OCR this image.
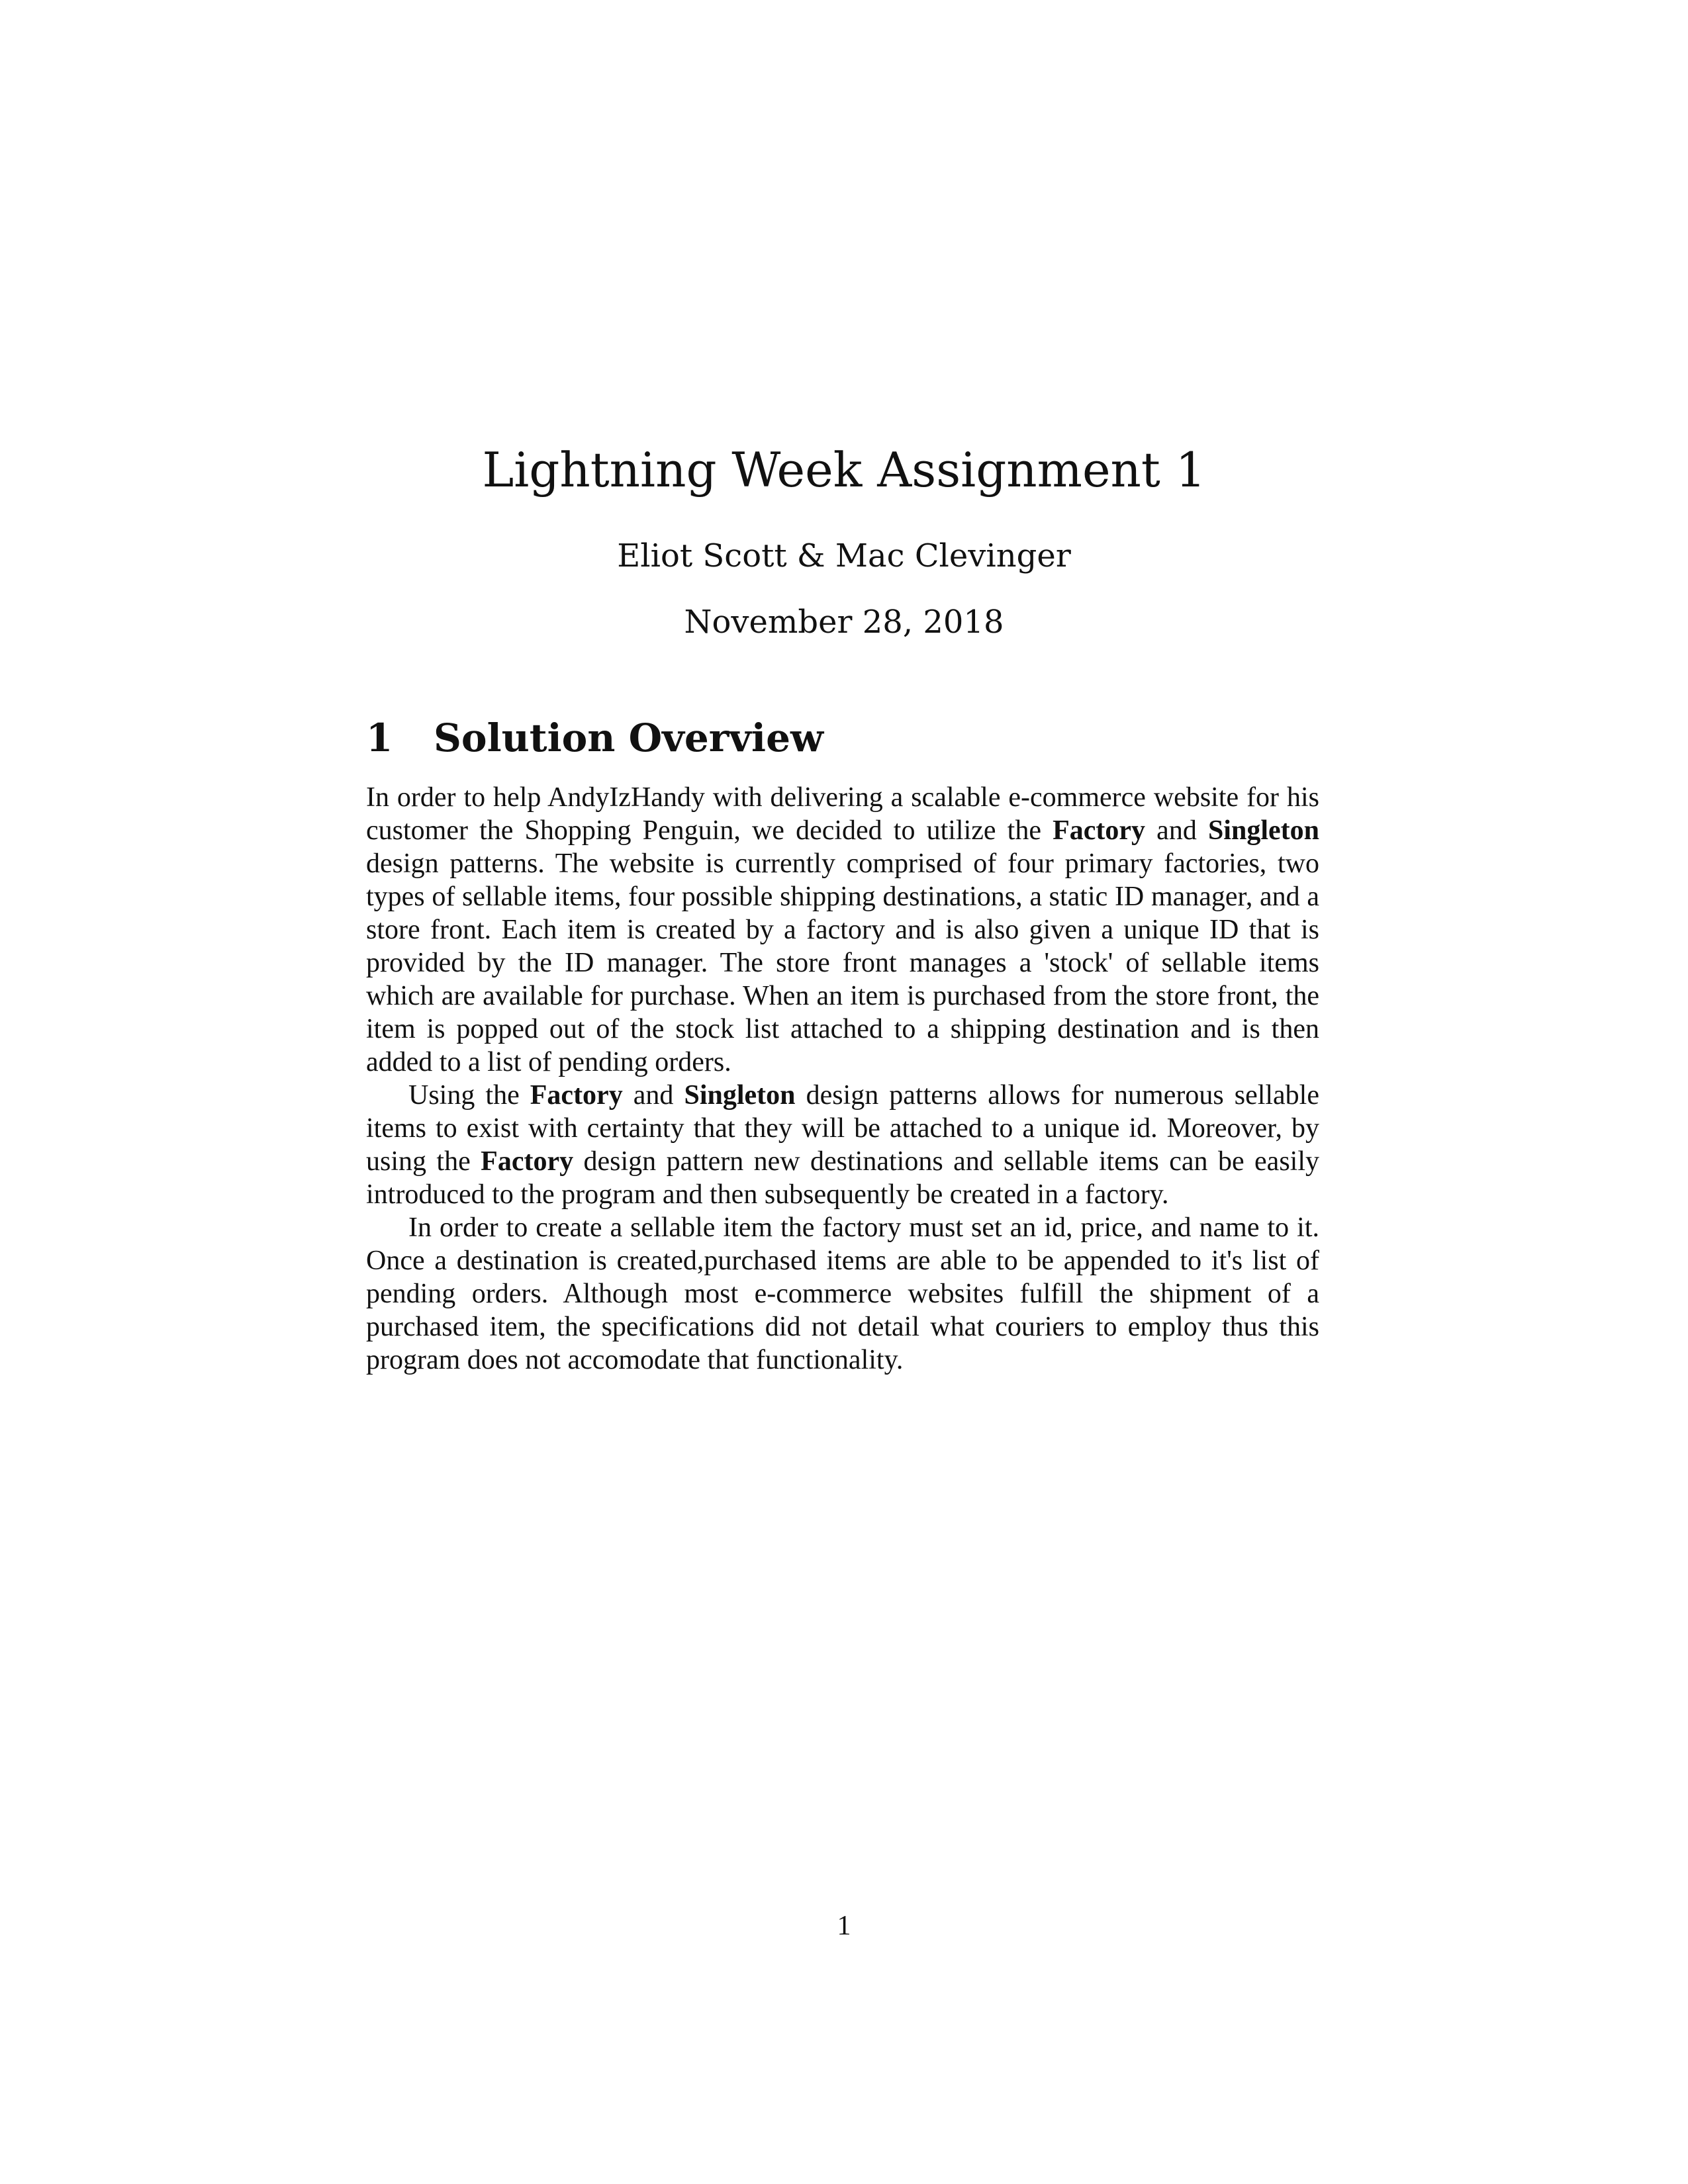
Lightning Week Assignment 1
Eliot Scott & Mac Clevinger
November 28, 2018
1 Solution Overview

In order to help AndyIzHandy with delivering a scalable e-commerce website for his customer the Shopping Penguin, we decided to utilize the Factory and Singleton design patterns. The website is currently comprised of four primary factories, two types of sellable items, four possible shipping destinations, a static ID manager, and a store front. Each item is created by a factory and is also given a unique ID that is provided by the ID manager. The store front manages a 'stock' of sellable items which are available for purchase. When an item is purchased from the store front, the item is popped out of the stock list attached to a shipping destination and is then added to a list of pending orders.

Using the Factory and Singleton design patterns allows for numerous sellable items to exist with certainty that they will be attached to a unique id. Moreover, by using the Factory design pattern new destinations and sellable items can be easily introduced to the program and then subsequently be created in a factory.

In order to create a sellable item the factory must set an id, price, and name to it. Once a destination is created,purchased items are able to be appended to it's list of pending orders. Although most e-commerce websites fulfill the shipment of a purchased item, the specifications did not detail what couriers to employ thus this program does not accomodate that functionality.

1
